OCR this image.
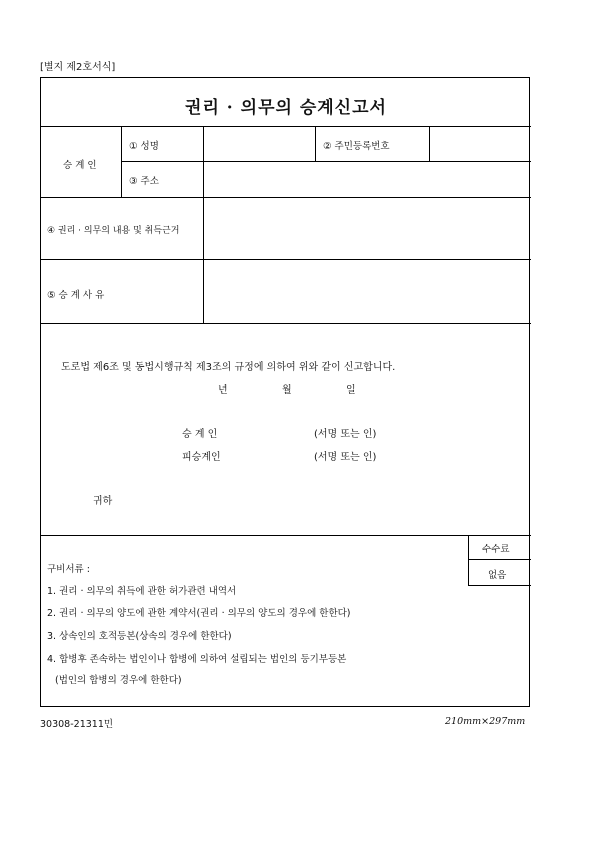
[별지 제2호서식]
권리 · 의무의 승계신고서
승 계 인
① 성명	② 주민등록번호
③ 주소
④ 권리 · 의무의 내용 및 취득근거
⑤ 승 계 사 유
도로법 제6조 및 동법시행규칙 제3조의 규정에 의하여 위와 같이 신고합니다.
년	월	일
승 계 인	(서명 또는 인)
피승계인	(서명 또는 인)
귀하
수수료
없음
구비서류 :
1. 권리 · 의무의 취득에 관한 허가관련 내역서
2. 권리 · 의무의 양도에 관한 계약서(권리 · 의무의 양도의 경우에 한한다)
3. 상속인의 호적등본(상속의 경우에 한한다)
4. 합병후 존속하는 법인이나 합병에 의하여 설립되는 법인의 등기부등본
(법인의 합병의 경우에 한한다)
30308-21311민	210mm×297mm
